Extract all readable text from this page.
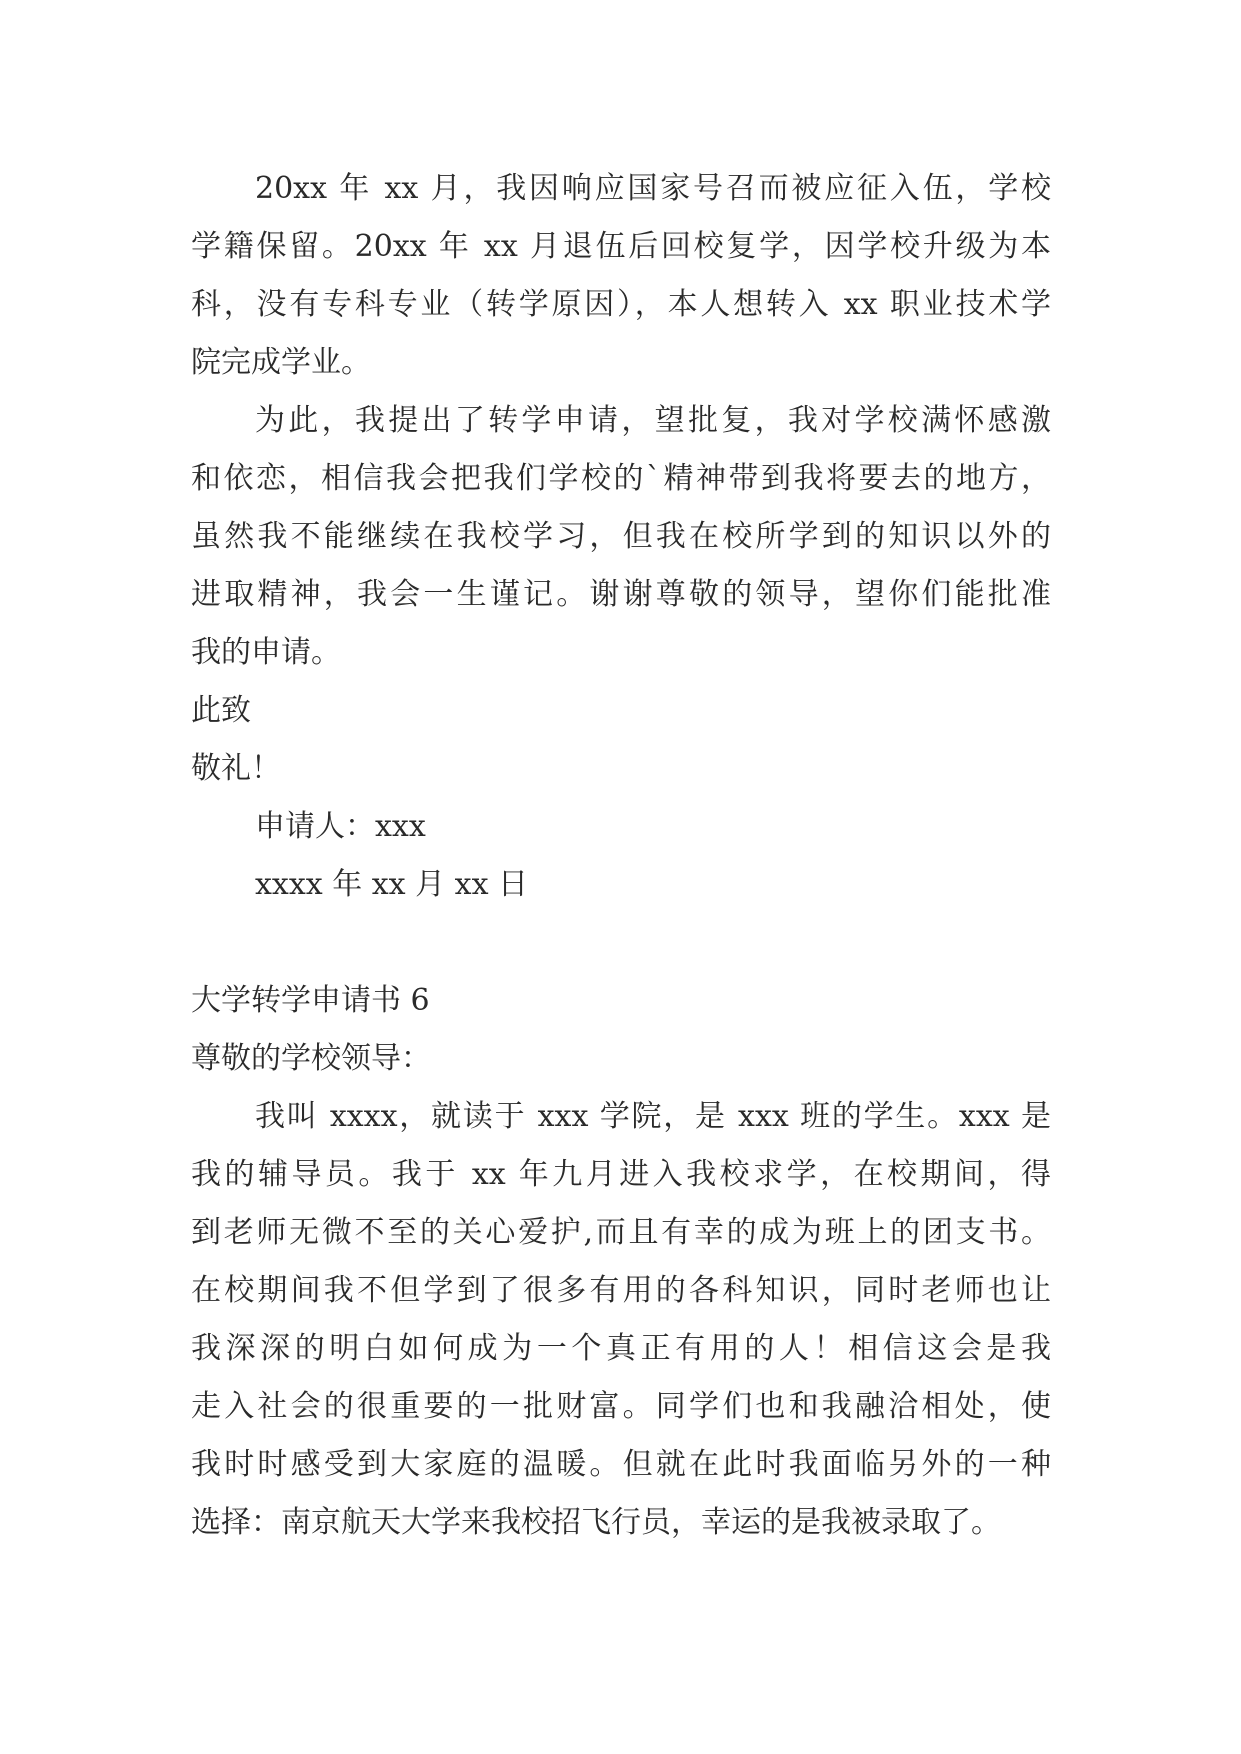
20xx 年 xx 月，我因响应国家号召而被应征入伍，学校
学籍保留。20xx 年 xx 月退伍后回校复学，因学校升级为本
科，没有专科专业（转学原因），本人想转入 xx 职业技术学
院完成学业。
为此，我提出了转学申请，望批复，我对学校满怀感激
和依恋，相信我会把我们学校的`精神带到我将要去的地方，
虽然我不能继续在我校学习，但我在校所学到的知识以外的
进取精神，我会一生谨记。谢谢尊敬的领导，望你们能批准
我的申请。
此致
敬礼！
申请人：xxx
xxxx 年 xx 月 xx 日
大学转学申请书 6
尊敬的学校领导：
我叫 xxxx，就读于 xxx 学院，是 xxx 班的学生。xxx 是
我的辅导员。我于 xx 年九月进入我校求学，在校期间，得
到老师无微不至的关心爱护,而且有幸的成为班上的团支书。
在校期间我不但学到了很多有用的各科知识，同时老师也让
我深深的明白如何成为一个真正有用的人！相信这会是我
走入社会的很重要的一批财富。同学们也和我融洽相处，使
我时时感受到大家庭的温暖。但就在此时我面临另外的一种
选择：南京航天大学来我校招飞行员，幸运的是我被录取了。
